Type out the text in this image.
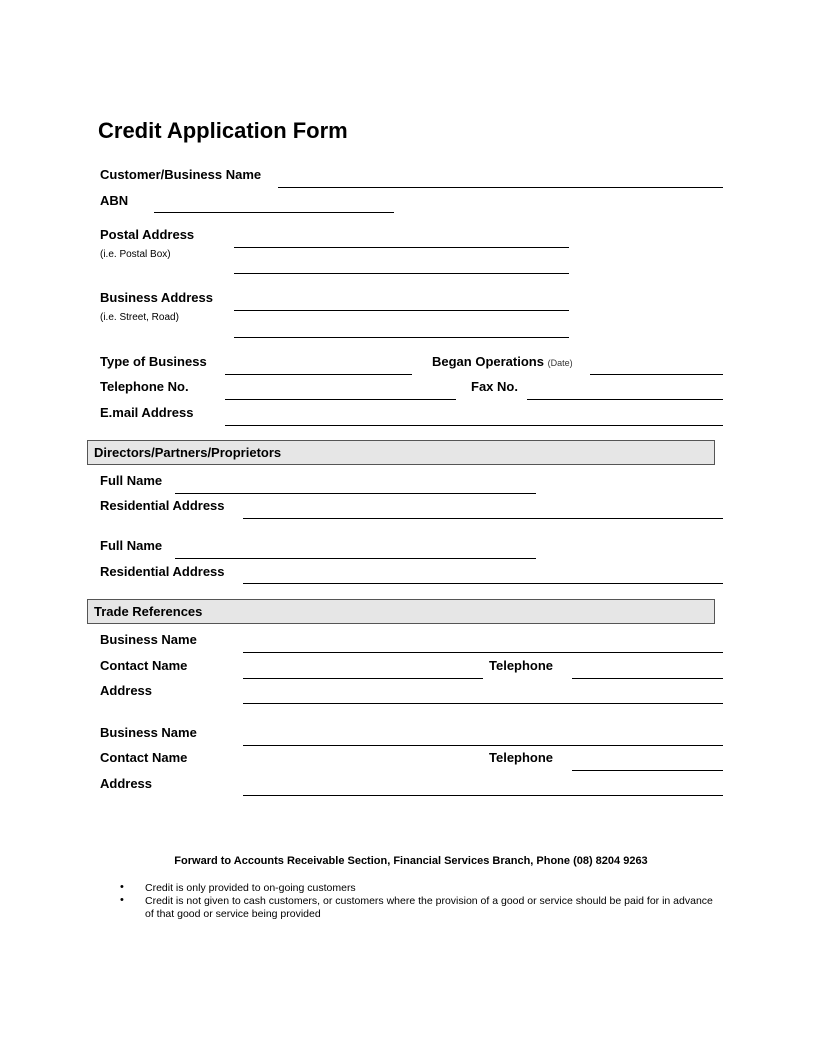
Credit Application Form
Customer/Business Name
ABN
Postal Address
(i.e. Postal Box)
Business Address
(i.e. Street, Road)
Type of Business	Began Operations (Date)
Telephone No.	Fax No.
E.mail Address
Directors/Partners/Proprietors
Full Name
Residential Address
Full Name
Residential Address
Trade References
Business Name
Contact Name	Telephone
Address
Business Name
Contact Name	Telephone
Address
Forward to Accounts Receivable Section, Financial Services Branch, Phone (08) 8204 9263
• Credit is only provided to on-going customers
• Credit is not given to cash customers, or customers where the provision of a good or service should be paid for in advance of that good or service being provided
